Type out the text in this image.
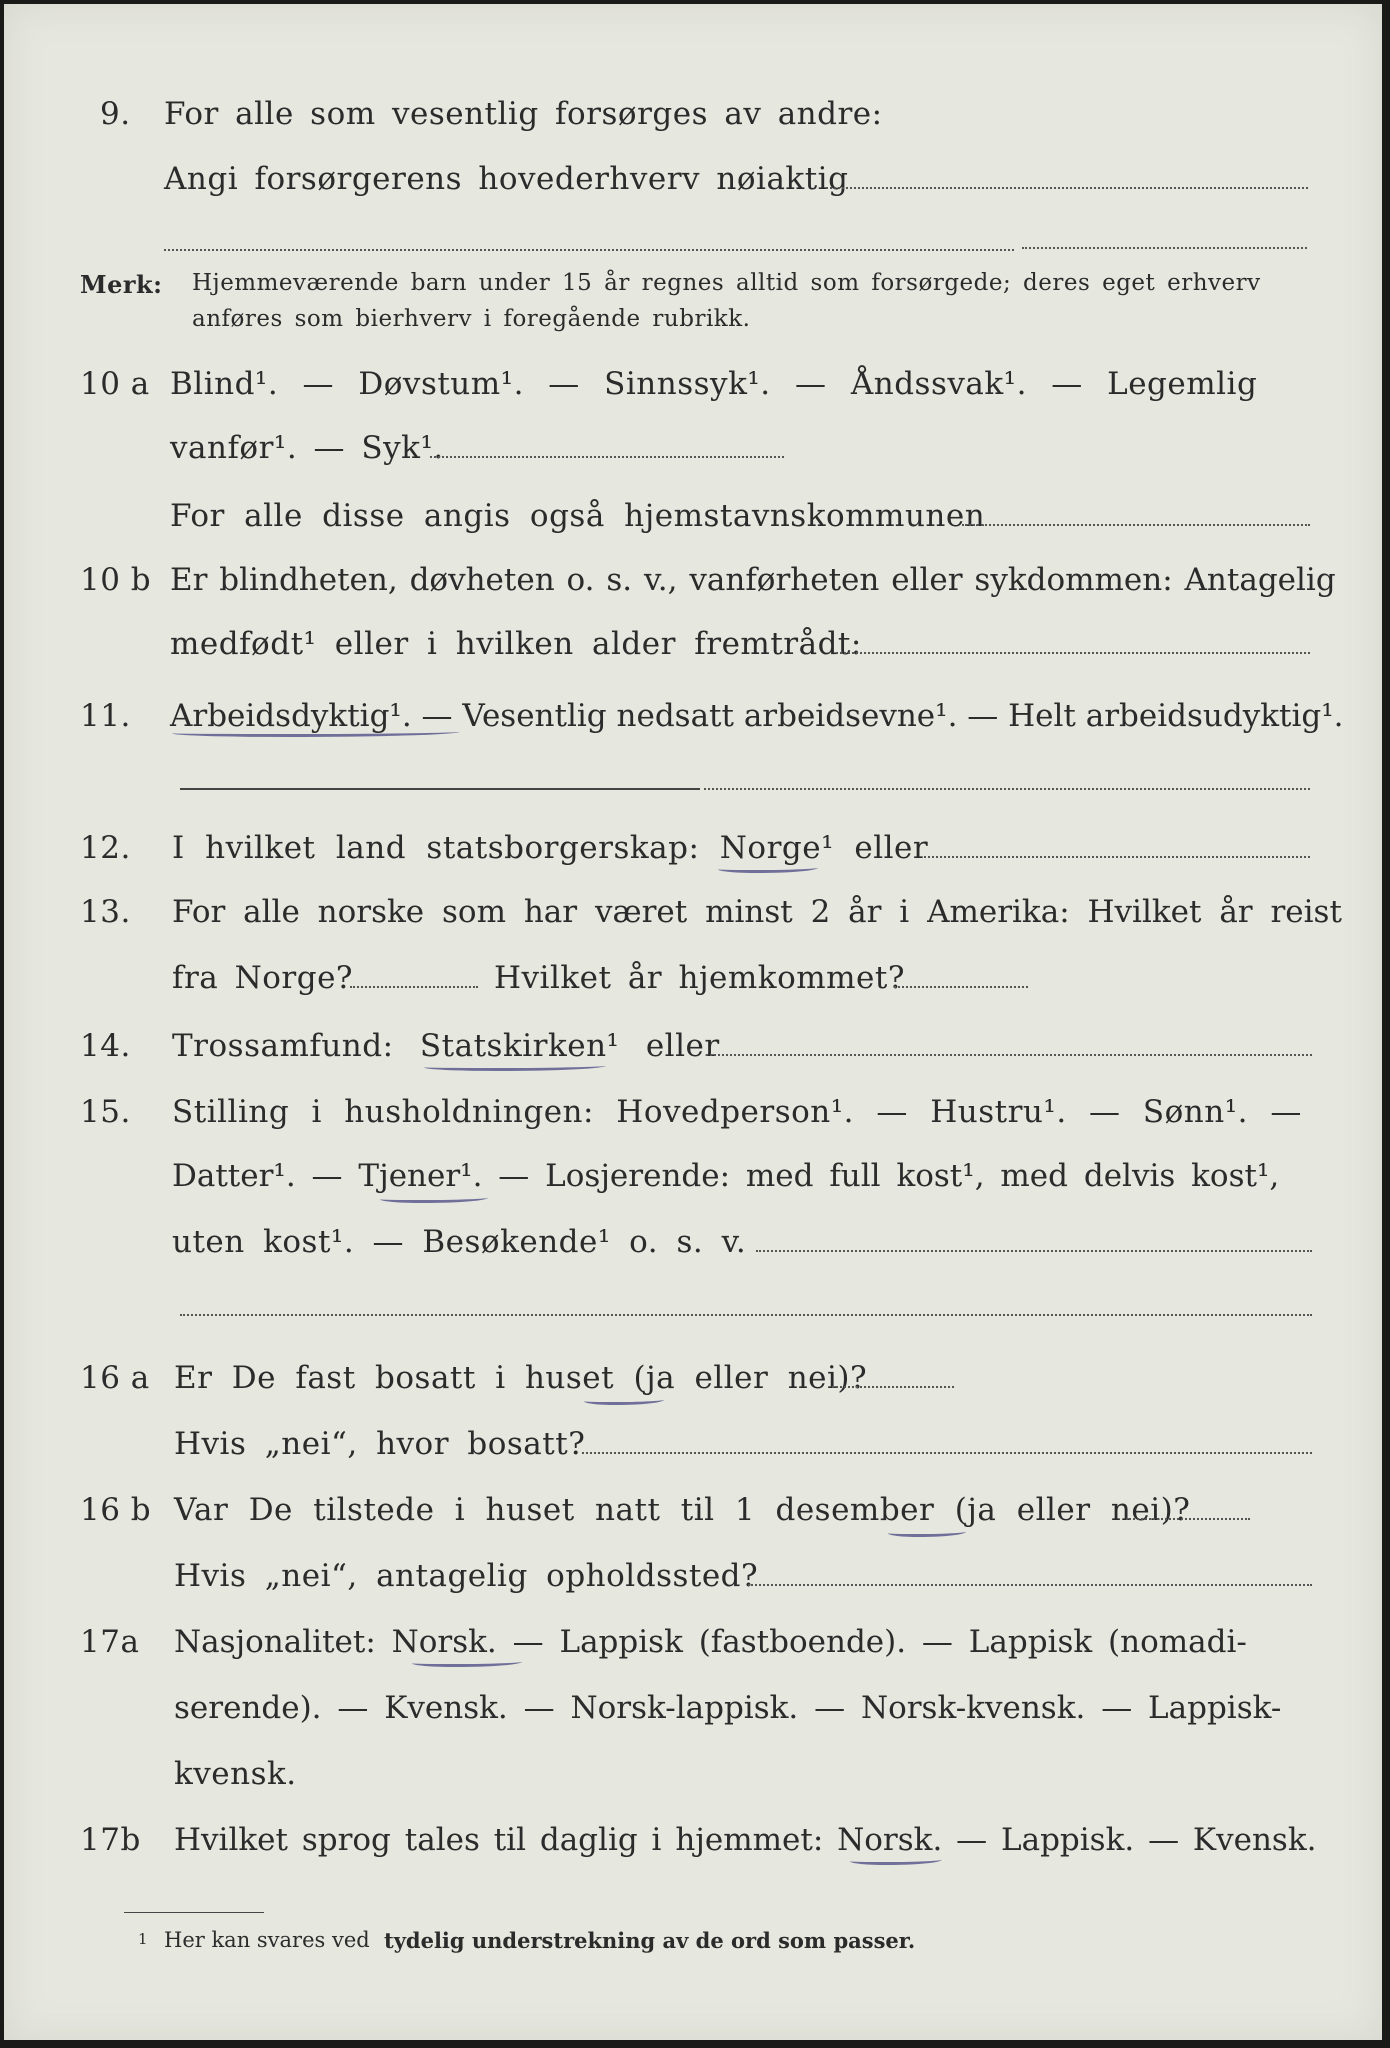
9. For alle som vesentlig forsørges av andre:
Angi forsørgerens hovederhverv nøiaktig
Merk: Hjemmeværende barn under 15 år regnes alltid som forsørgede; deres eget erhverv
anføres som bierhverv i foregående rubrikk.
10 a Blind¹. — Døvstum¹. — Sinnssyk¹. — Åndssvak¹. — Legemlig
vanfør¹. — Syk¹.
For alle disse angis også hjemstavnskommunen
10 b Er blindheten, døvheten o. s. v., vanførheten eller sykdommen: Antagelig
medfødt¹ eller i hvilken alder fremtrådt:
11. Arbeidsdyktig¹. — Vesentlig nedsatt arbeidsevne¹. — Helt arbeidsudyktig¹.
12. I hvilket land statsborgerskap: Norge¹ eller
13. For alle norske som har været minst 2 år i Amerika: Hvilket år reist
fra Norge?	Hvilket år hjemkommet?
14. Trossamfund: Statskirken¹ eller
15. Stilling i husholdningen: Hovedperson¹. — Hustru¹. — Sønn¹. —
Datter¹. — Tjener¹. — Losjerende: med full kost¹, med delvis kost¹,
uten kost¹. — Besøkende¹ o. s. v.
16 a Er De fast bosatt i huset (ja eller nei)?
Hvis „nei“, hvor bosatt?
16 b Var De tilstede i huset natt til 1 desember (ja eller nei)?
Hvis „nei“, antagelig opholdssted?
17a Nasjonalitet: Norsk. — Lappisk (fastboende). — Lappisk (nomadi-
serende). — Kvensk. — Norsk-lappisk. — Norsk-kvensk. — Lappisk-
kvensk.
17b Hvilket sprog tales til daglig i hjemmet: Norsk. — Lappisk. — Kvensk.
1 Her kan svares ved tydelig understrekning av de ord som passer.
